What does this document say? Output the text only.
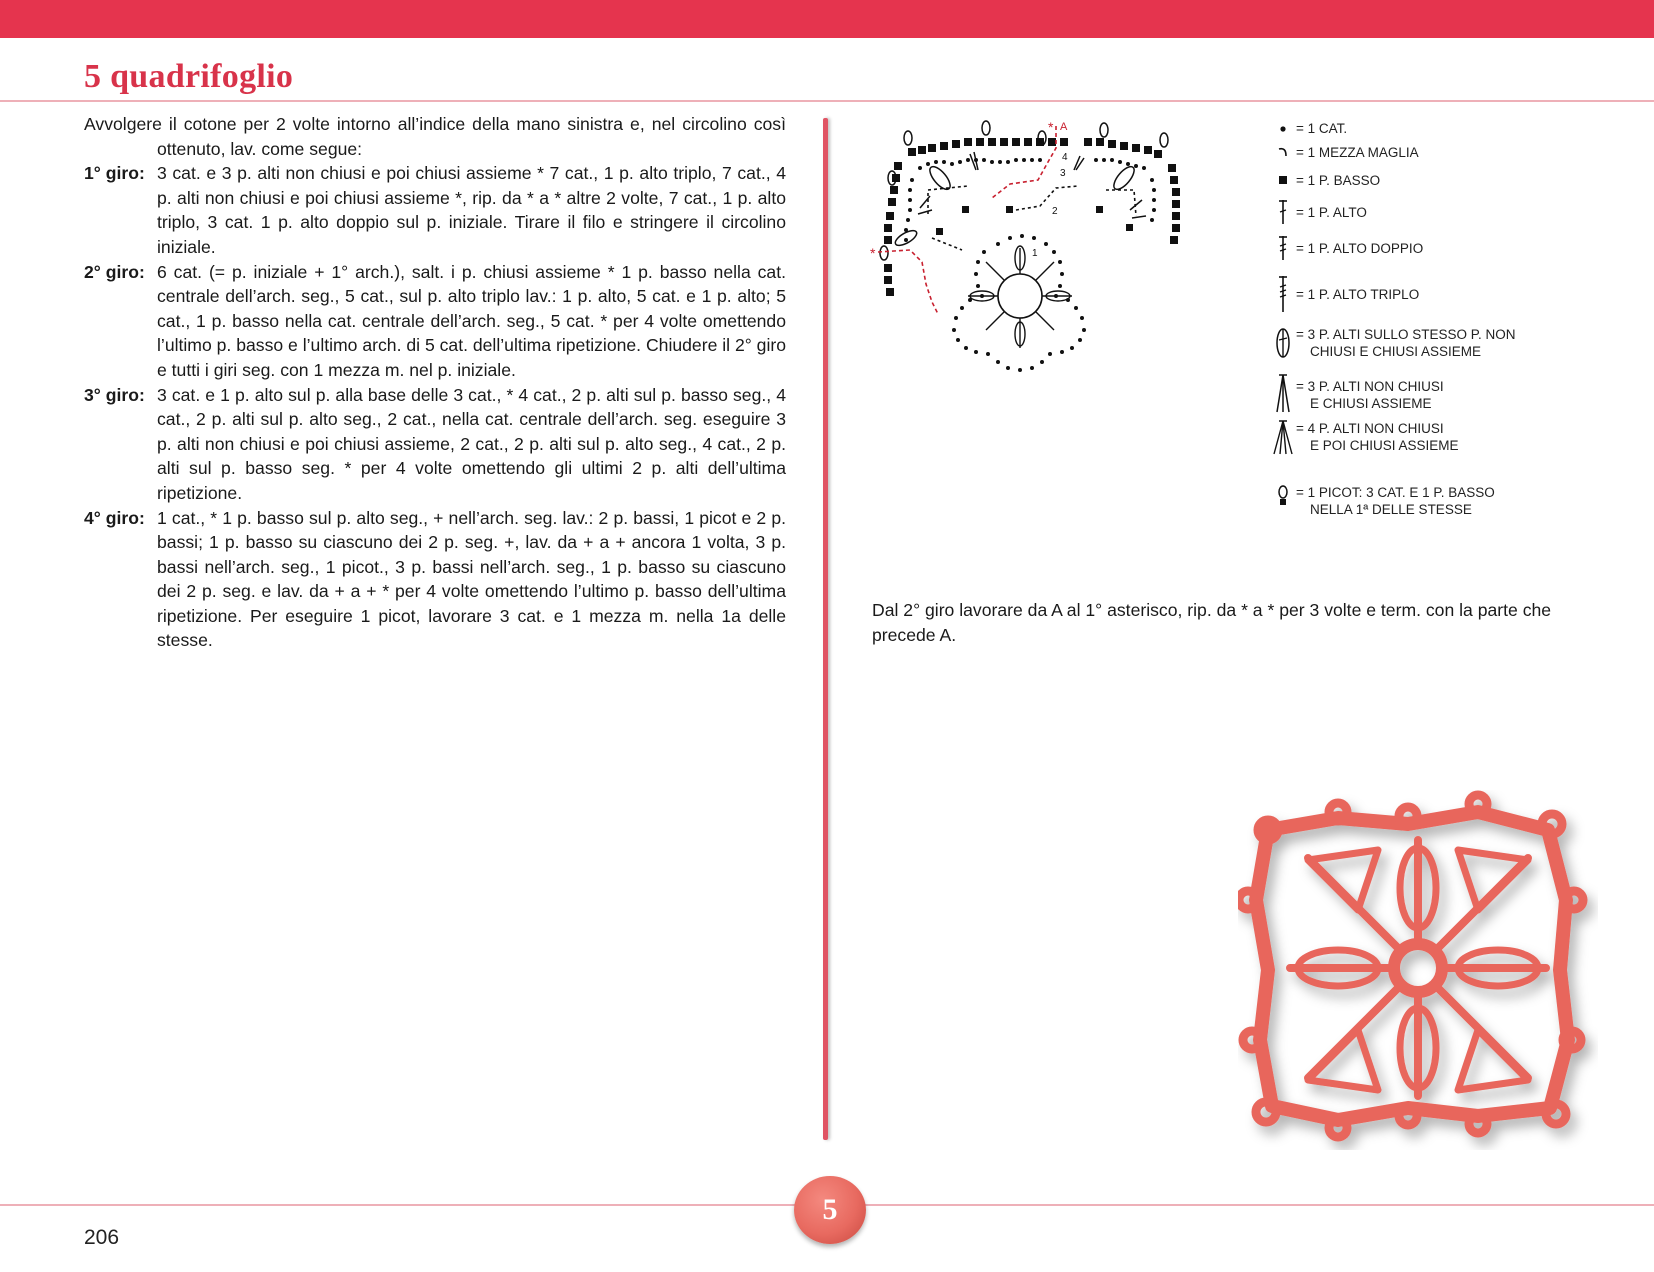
5 quadrifoglio
Avvolgere il cotone per 2 volte intorno all’indice della mano sinistra e, nel circolino così ottenuto, lav. come segue:
1° giro: 3 cat. e 3 p. alti non chiusi e poi chiusi assieme * 7 cat., 1 p. alto triplo, 7 cat., 4 p. alti non chiusi e poi chiusi assieme *, rip. da * a * altre 2 volte, 7 cat., 1 p. alto triplo, 3 cat. 1 p. alto doppio sul p. iniziale. Tirare il filo e stringere il circolino iniziale.
2° giro: 6 cat. (= p. iniziale + 1° arch.), salt. i p. chiusi assieme * 1 p. basso nella cat. centrale dell’arch. seg., 5 cat., sul p. alto triplo lav.: 1 p. alto, 5 cat. e 1 p. alto; 5 cat., 1 p. basso nella cat. centrale dell’arch. seg., 5 cat. * per 4 volte omettendo l’ultimo p. basso e l’ultimo arch. di 5 cat. dell’ultima ripetizione. Chiudere il 2° giro e tutti i giri seg. con 1 mezza m. nel p. iniziale.
3° giro: 3 cat. e 1 p. alto sul p. alla base delle 3 cat., * 4 cat., 2 p. alti sul p. basso seg., 4 cat., 2 p. alti sul p. alto seg., 2 cat., nella cat. centrale dell’arch. seg. eseguire 3 p. alti non chiusi e poi chiusi assieme, 2 cat., 2 p. alti sul p. alto seg., 4 cat., 2 p. alti sul p. basso seg. * per 4 volte omettendo gli ultimi 2 p. alti dell’ultima ripetizione.
4° giro: 1 cat., * 1 p. basso sul p. alto seg., + nell’arch. seg. lav.: 2 p. bassi, 1 picot e 2 p. bassi; 1 p. basso su ciascuno dei 2 p. seg. +, lav. da + a + ancora 1 volta, 3 p. bassi nell’arch. seg., 1 picot., 3 p. bassi nell’arch. seg., 1 p. basso su ciascuno dei 2 p. seg. e lav. da + a + * per 4 volte omettendo l’ultimo p. basso dell’ultima ripetizione. Per eseguire 1 picot, lavorare 3 cat. e 1 mezza m. nella 1a delle stesse.
A
*
*
4
3
2
1
= 1 CAT.
= 1 MEZZA MAGLIA
= 1 P. BASSO
= 1 P. ALTO
= 1 P. ALTO DOPPIO
= 1 P. ALTO TRIPLO
= 3 P. ALTI SULLO STESSO P. NON
CHIUSI E CHIUSI ASSIEME
= 3 P. ALTI NON CHIUSI
E CHIUSI ASSIEME
= 4 P. ALTI NON CHIUSI
E POI CHIUSI ASSIEME
= 1 PICOT: 3 CAT. E 1 P. BASSO
NELLA 1ª DELLE STESSE
Dal 2° giro lavorare da A al 1° asterisco, rip. da * a * per 3 volte e term. con la parte che precede A.
5
206
